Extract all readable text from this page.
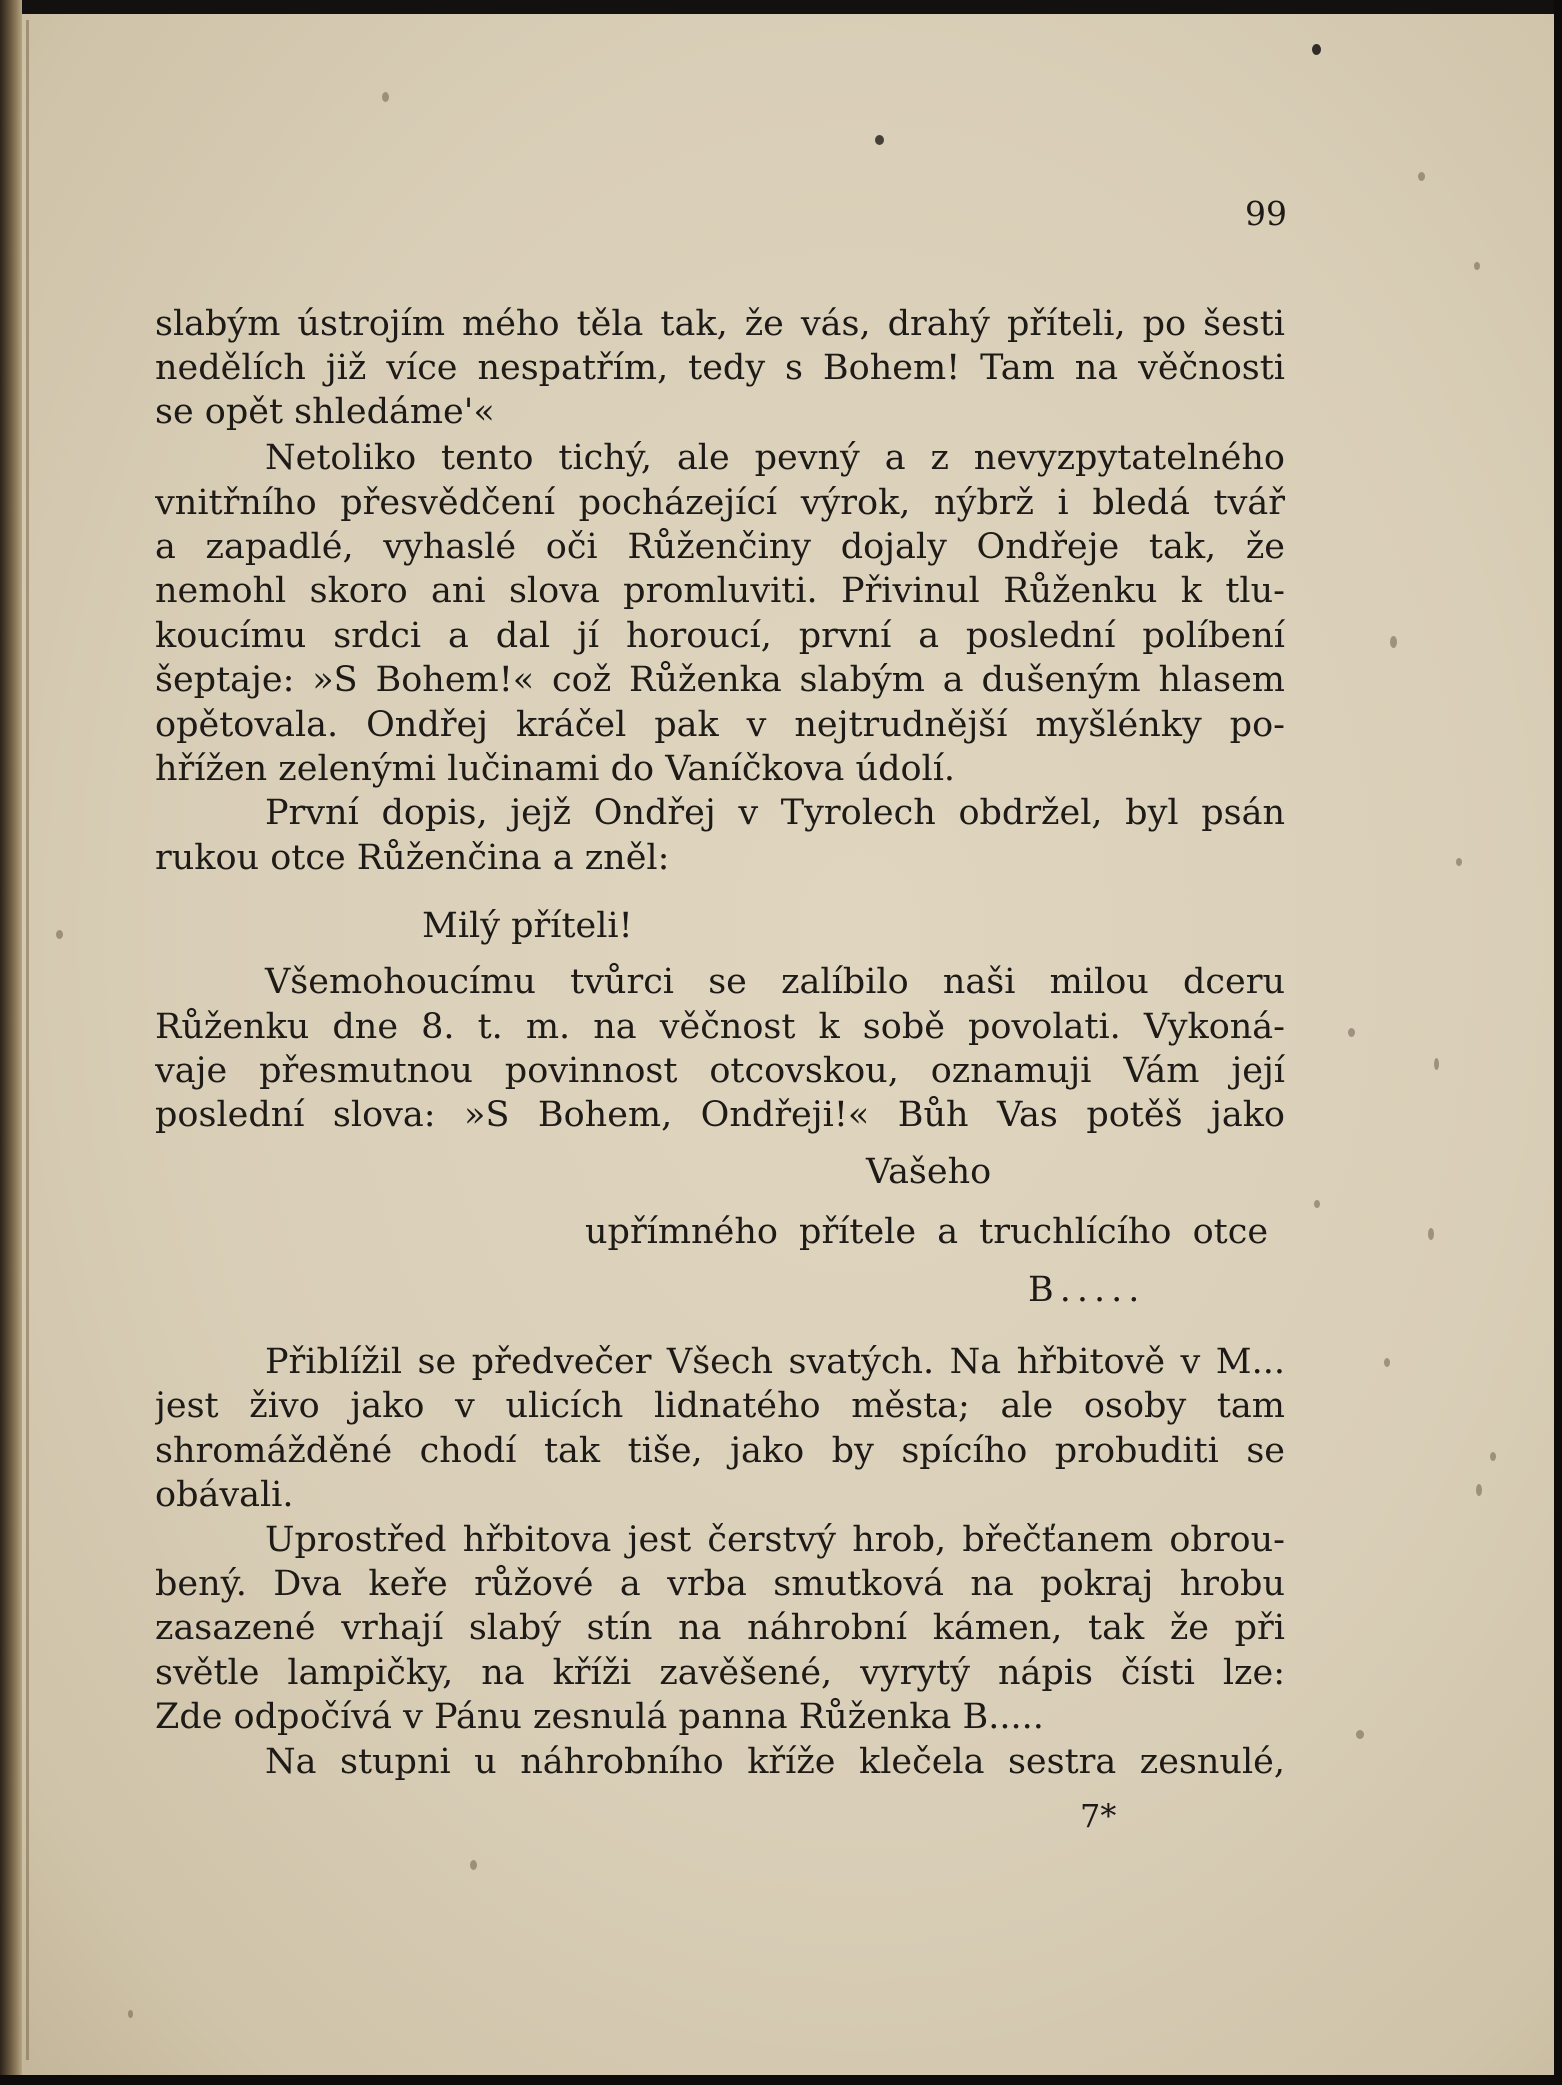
99
slabým ústrojím mého těla tak, že vás, drahý příteli, po šesti
nedělích již více nespatřím, tedy s Bohem! Tam na věčnosti
se opět shledáme'«
Netoliko tento tichý, ale pevný a z nevyzpytatelného
vnitřního přesvědčení pocházející výrok, nýbrž i bledá tvář
a zapadlé, vyhaslé oči Růženčiny dojaly Ondřeje tak, že
nemohl skoro ani slova promluviti. Přivinul Růženku k tlu-
koucímu srdci a dal jí horoucí, první a poslední políbení
šeptaje: »S Bohem!« což Růženka slabým a dušeným hlasem
opětovala. Ondřej kráčel pak v nejtrudnější myšlénky po-
hřížen zelenými lučinami do Vaníčkova údolí.
První dopis, jejž Ondřej v Tyrolech obdržel, byl psán
rukou otce Růženčina a zněl:
Milý příteli!
Všemohoucímu tvůrci se zalíbilo naši milou dceru
Růženku dne 8. t. m. na věčnost k sobě povolati. Vykoná-
vaje přesmutnou povinnost otcovskou, oznamuji Vám její
poslední slova: »S Bohem, Ondřeji!« Bůh Vas potěš jako
Vašeho
upřímného přítele a truchlícího otce
B.....
Přiblížil se předvečer Všech svatých. Na hřbitově v M...
jest živo jako v ulicích lidnatého města; ale osoby tam
shromážděné chodí tak tiše, jako by spícího probuditi se
obávali.
Uprostřed hřbitova jest čerstvý hrob, břečťanem obrou-
bený. Dva keře růžové a vrba smutková na pokraj hrobu
zasazené vrhají slabý stín na náhrobní kámen, tak že při
světle lampičky, na kříži zavěšené, vyrytý nápis čísti lze:
Zde odpočívá v Pánu zesnulá panna Růženka B.....
Na stupni u náhrobního kříže klečela sestra zesnulé,
7*
